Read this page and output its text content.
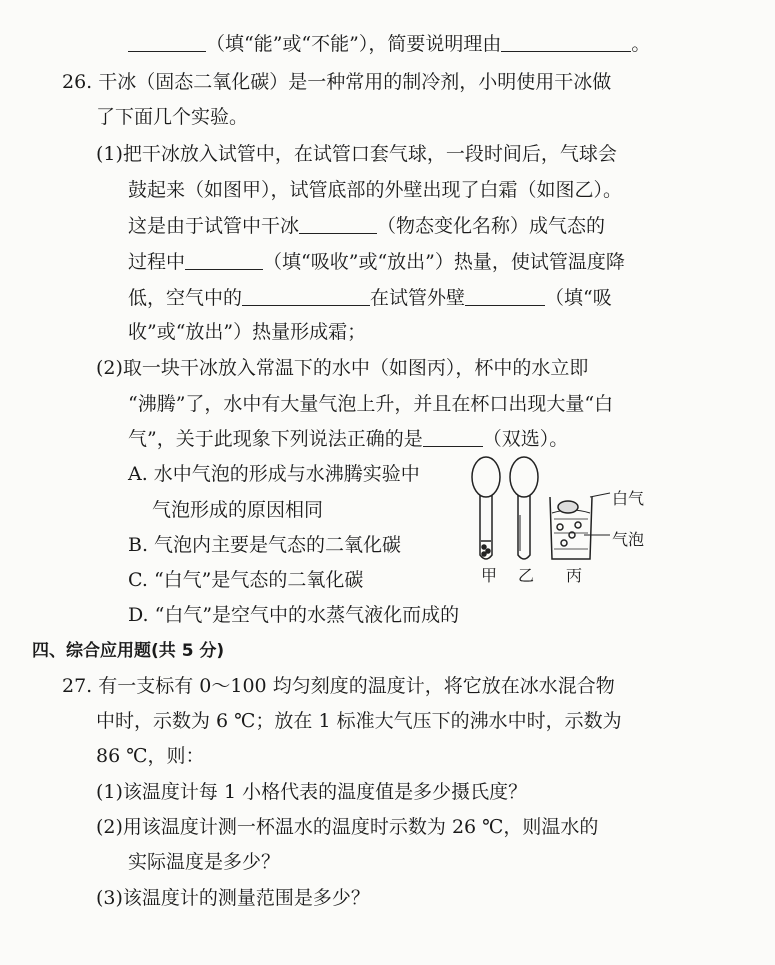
（填“能”或“不能”），简要说明理由	。
26. 干冰（固态二氧化碳）是一种常用的制冷剂，小明使用干冰做
了下面几个实验。
(1)把干冰放入试管中，在试管口套气球，一段时间后，气球会
鼓起来（如图甲），试管底部的外壁出现了白霜（如图乙）。
这是由于试管中干冰	（物态变化名称）成气态的
过程中	（填“吸收”或“放出”）热量，使试管温度降
低，空气中的	在试管外壁	（填“吸
收”或“放出”）热量形成霜；
(2)取一块干冰放入常温下的水中（如图丙），杯中的水立即
“沸腾”了，水中有大量气泡上升，并且在杯口出现大量“白
气”，关于此现象下列说法正确的是	（双选）。
A. 水中气泡的形成与水沸腾实验中
气泡形成的原因相同
B. 气泡内主要是气态的二氧化碳
C. “白气”是气态的二氧化碳
D. “白气”是空气中的水蒸气液化而成的
白气
气泡
甲 乙 丙
四、综合应用题(共 5 分)
27. 有一支标有 0～100 均匀刻度的温度计，将它放在冰水混合物
中时，示数为 6 ℃；放在 1 标准大气压下的沸水中时，示数为
86 ℃，则：
(1)该温度计每 1 小格代表的温度值是多少摄氏度？
(2)用该温度计测一杯温水的温度时示数为 26 ℃，则温水的
实际温度是多少？
(3)该温度计的测量范围是多少？
